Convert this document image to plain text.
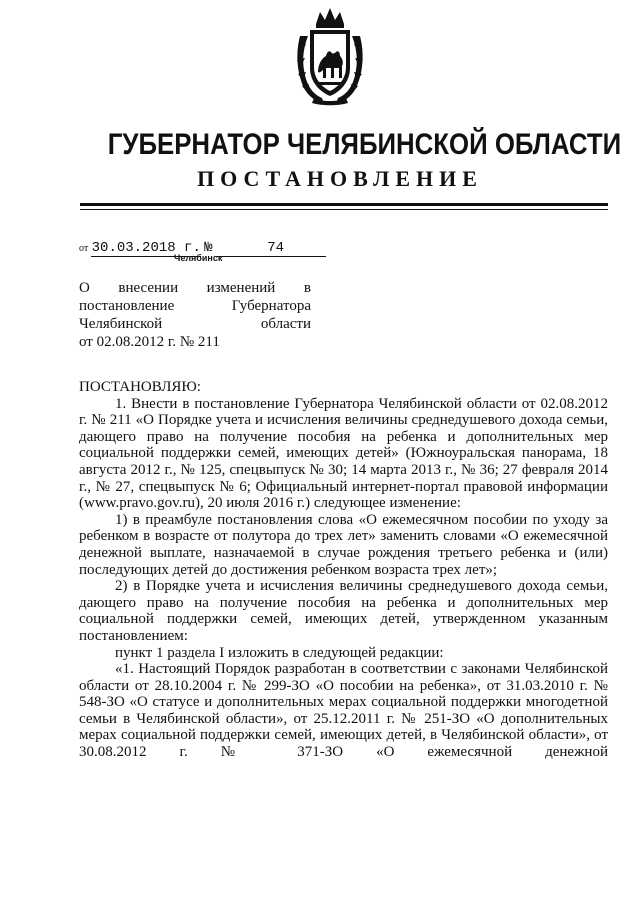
ГУБЕРНАТОР ЧЕЛЯБИНСКОЙ ОБЛАСТИ
ПОСТАНОВЛЕНИЕ
от 30.03.2018 г. №	74
Челябинск
О внесении изменений в
постановление	Губернатора
Челябинской	области
от 02.08.2012 г. № 211

ПОСТАНОВЛЯЮ:

1. Внести в постановление Губернатора Челябинской области от 02.08.2012 г. № 211 «О Порядке учета и исчисления величины среднедушевого дохода семьи, дающего право на получение пособия на ребенка и дополнительных мер социальной поддержки семей, имеющих детей» (Южноуральская панорама, 18 августа 2012 г., № 125, спецвыпуск № 30; 14 марта 2013 г., № 36; 27 февраля 2014 г., № 27, спецвыпуск № 6; Официальный интернет-портал правовой информации (www.pravo.gov.ru), 20 июля 2016 г.) следующее изменение:

1) в преамбуле постановления слова «О ежемесячном пособии по уходу за ребенком в возрасте от полутора до трех лет» заменить словами «О ежемесячной денежной выплате, назначаемой в случае рождения третьего ребенка и (или) последующих детей до достижения ребенком возраста трех лет»;

2) в Порядке учета и исчисления величины среднедушевого дохода семьи, дающего право на получение пособия на ребенка и дополнительных мер социальной поддержки семей, имеющих детей, утвержденном указанным постановлением:

пункт 1 раздела I изложить в следующей редакции:

«1. Настоящий Порядок разработан в соответствии с законами Челябинской области от 28.10.2004 г. № 299-ЗО «О пособии на ребенка», от 31.03.2010 г. № 548-ЗО «О статусе и дополнительных мерах социальной поддержки многодетной семьи в Челябинской области», от 25.12.2011 г. № 251-ЗО «О дополнительных мерах социальной поддержки семей, имеющих детей, в Челябинской области», от 30.08.2012 г. № 371-ЗО «О ежемесячной денежной
